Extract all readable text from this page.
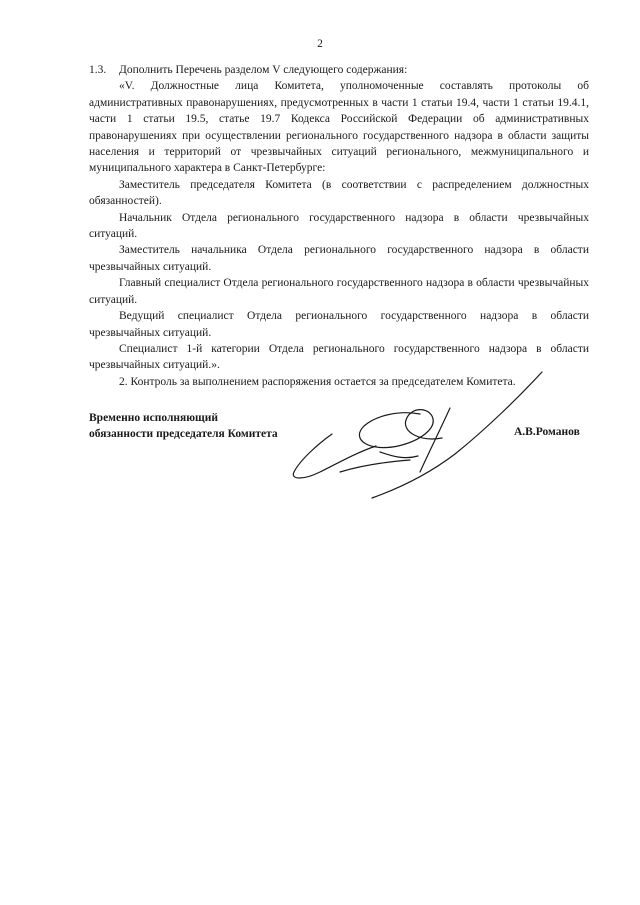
2

1.3. Дополнить Перечень разделом V следующего содержания:

«V. Должностные лица Комитета, уполномоченные составлять протоколы об административных правонарушениях, предусмотренных в части 1 статьи 19.4, части 1 статьи 19.4.1, части 1 статьи 19.5, статье 19.7 Кодекса Российской Федерации об административных правонарушениях при осуществлении регионального государственного надзора в области защиты населения и территорий от чрезвычайных ситуаций регионального, межмуниципального и муниципального характера в Санкт-Петербурге:

Заместитель председателя Комитета (в соответствии с распределением должностных обязанностей).

Начальник Отдела регионального государственного надзора в области чрезвычайных ситуаций.

Заместитель начальника Отдела регионального государственного надзора в области чрезвычайных ситуаций.

Главный специалист Отдела регионального государственного надзора в области чрезвычайных ситуаций.

Ведущий специалист Отдела регионального государственного надзора в области чрезвычайных ситуаций.

Специалист 1-й категории Отдела регионального государственного надзора в области чрезвычайных ситуаций.».

2. Контроль за выполнением распоряжения остается за председателем Комитета.

Временно исполняющий
обязанности председателя Комитета	А.В.Романов
